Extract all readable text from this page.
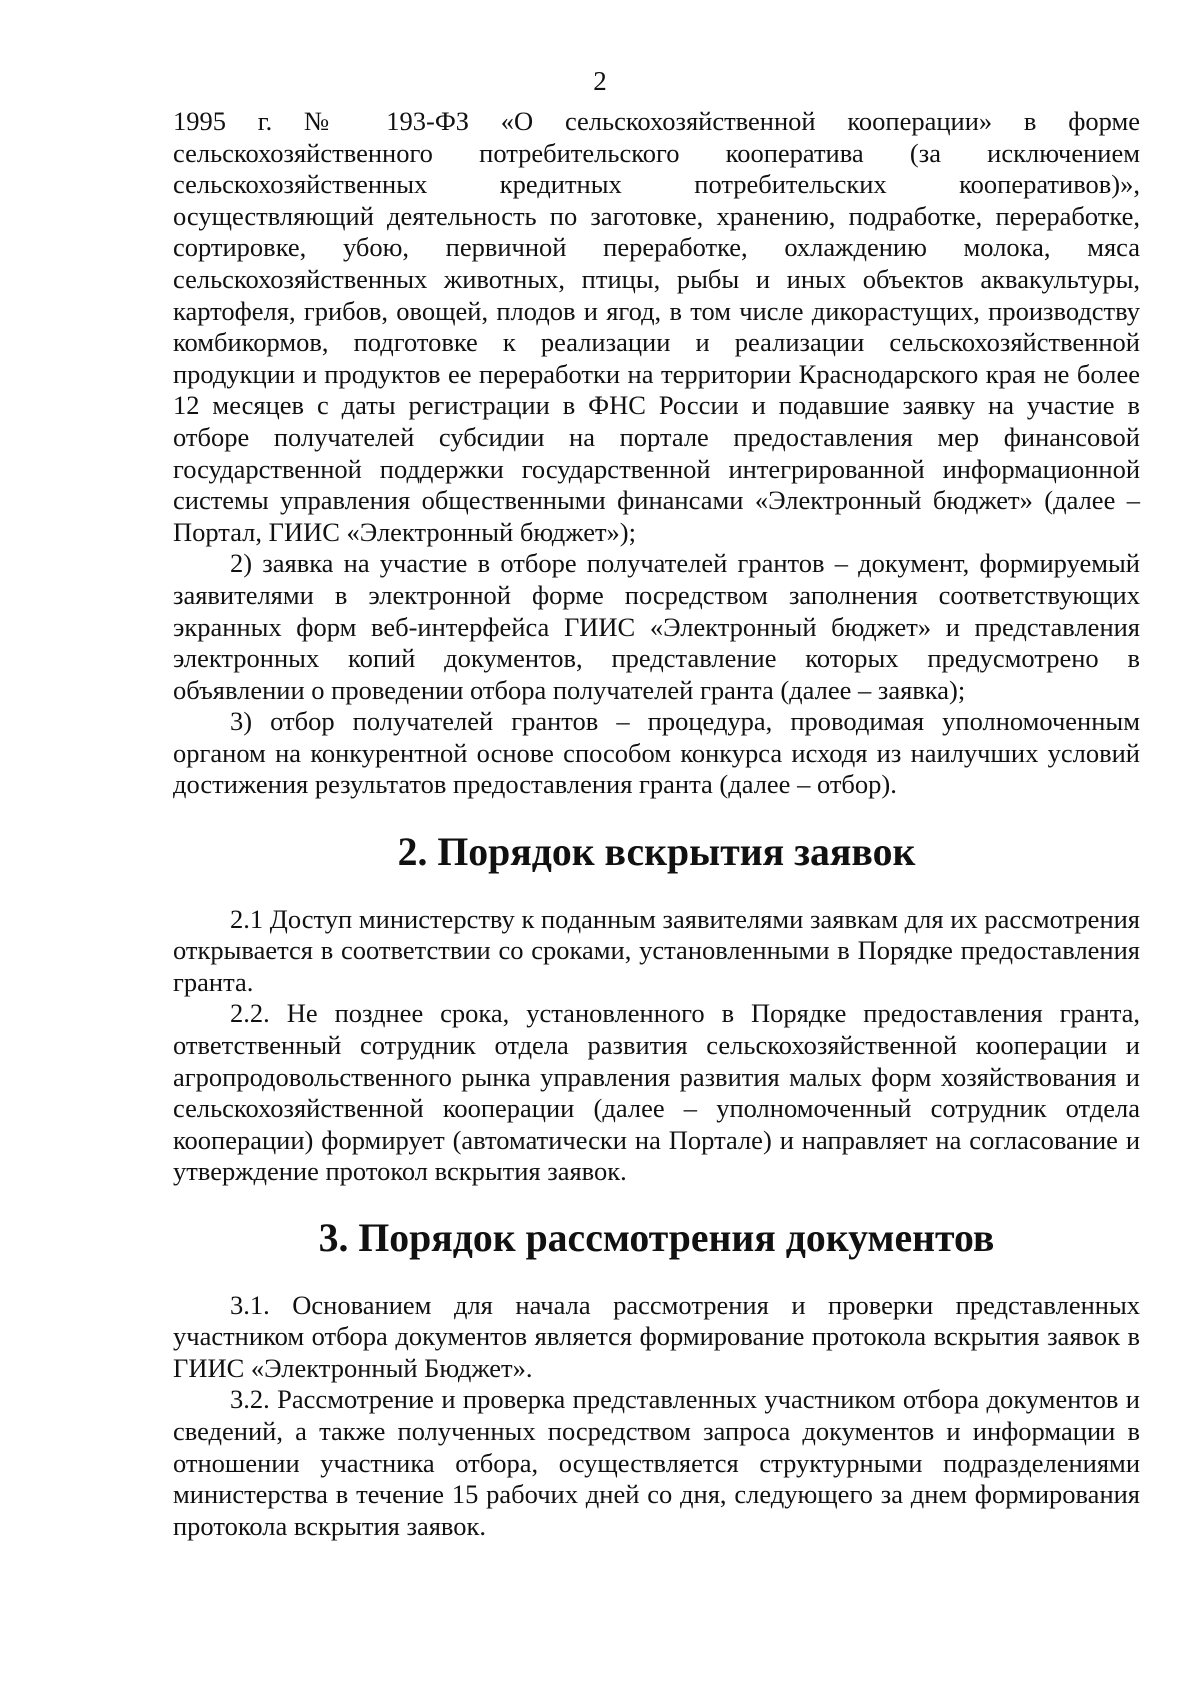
2

1995 г. № 193-ФЗ «О сельскохозяйственной кооперации» в форме сельскохозяйственного потребительского кооператива (за исключением сельскохозяйственных кредитных потребительских кооперативов)», осуществляющий деятельность по заготовке, хранению, подработке, переработке, сортировке, убою, первичной переработке, охлаждению молока, мяса сельскохозяйственных животных, птицы, рыбы и иных объектов аквакультуры, картофеля, грибов, овощей, плодов и ягод, в том числе дикорастущих, производству комбикормов, подготовке к реализации и реализации сельскохозяйственной продукции и продуктов ее переработки на территории Краснодарского края не более 12 месяцев с даты регистрации в ФНС России и подавшие заявку на участие в отборе получателей субсидии на портале предоставления мер финансовой государственной поддержки государственной интегрированной информационной системы управления общественными финансами «Электронный бюджет» (далее – Портал, ГИИС «Электронный бюджет»);

2) заявка на участие в отборе получателей грантов – документ, формируемый заявителями в электронной форме посредством заполнения соответствующих экранных форм веб-интерфейса ГИИС «Электронный бюджет» и представления электронных копий документов, представление которых предусмотрено в объявлении о проведении отбора получателей гранта (далее – заявка);

3) отбор получателей грантов – процедура, проводимая уполномоченным органом на конкурентной основе способом конкурса исходя из наилучших условий достижения результатов предоставления гранта (далее – отбор).

2. Порядок вскрытия заявок

2.1 Доступ министерству к поданным заявителями заявкам для их рассмотрения открывается в соответствии со сроками, установленными в Порядке предоставления гранта.

2.2. Не позднее срока, установленного в Порядке предоставления гранта, ответственный сотрудник отдела развития сельскохозяйственной кооперации и агропродовольственного рынка управления развития малых форм хозяйствования и сельскохозяйственной кооперации (далее – уполномоченный сотрудник отдела кооперации) формирует (автоматически на Портале) и направляет на согласование и утверждение протокол вскрытия заявок.

3. Порядок рассмотрения документов

3.1. Основанием для начала рассмотрения и проверки представленных участником отбора документов является формирование протокола вскрытия заявок в ГИИС «Электронный Бюджет».

3.2. Рассмотрение и проверка представленных участником отбора документов и сведений, а также полученных посредством запроса документов и информации в отношении участника отбора, осуществляется структурными подразделениями министерства в течение 15 рабочих дней со дня, следующего за днем формирования протокола вскрытия заявок.
